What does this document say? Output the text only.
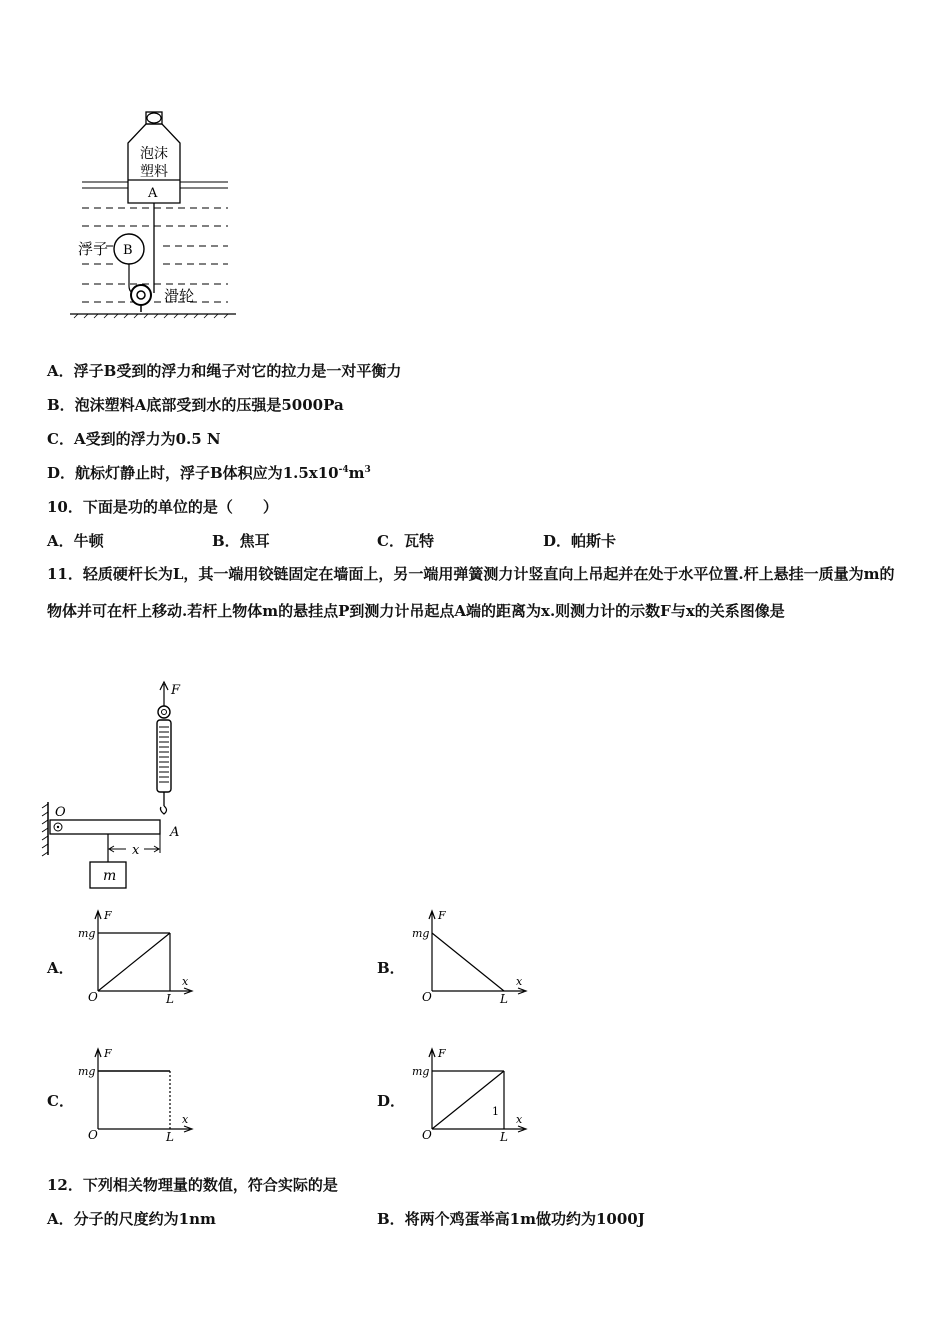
泡沫
塑料
A
B
浮子
滑轮
A．浮子B受到的浮力和绳子对它的拉力是一对平衡力
B．泡沫塑料A底部受到水的压强是5000Pa
C．A受到的浮力为0.5 N
D．航标灯静止时，浮子B体积应为$1.5x10^{-4}m^3$
10．下面是功的单位的是（　　）
A．牛顿	B．焦耳	C．瓦特	D．帕斯卡
11．轻质硬杆长为L，其一端用铰链固定在墙面上，另一端用弹簧测力计竖直向上吊起并在处于水平位置.杆上悬挂一质量为m的物体并可在杆上移动.若杆上物体m的悬挂点P到测力计吊起点A端的距离为x.则测力计的示数F与x的关系图像是
F
O
A
x
m
A．
F
mg
x
O	L
B．
F
mg
x
O	L
C．
F
mg
x
O	L
D．
F
mg
x
O	L
1
12．下列相关物理量的数值，符合实际的是
A．分子的尺度约为1nm	B．将两个鸡蛋举高1m做功约为1000J
